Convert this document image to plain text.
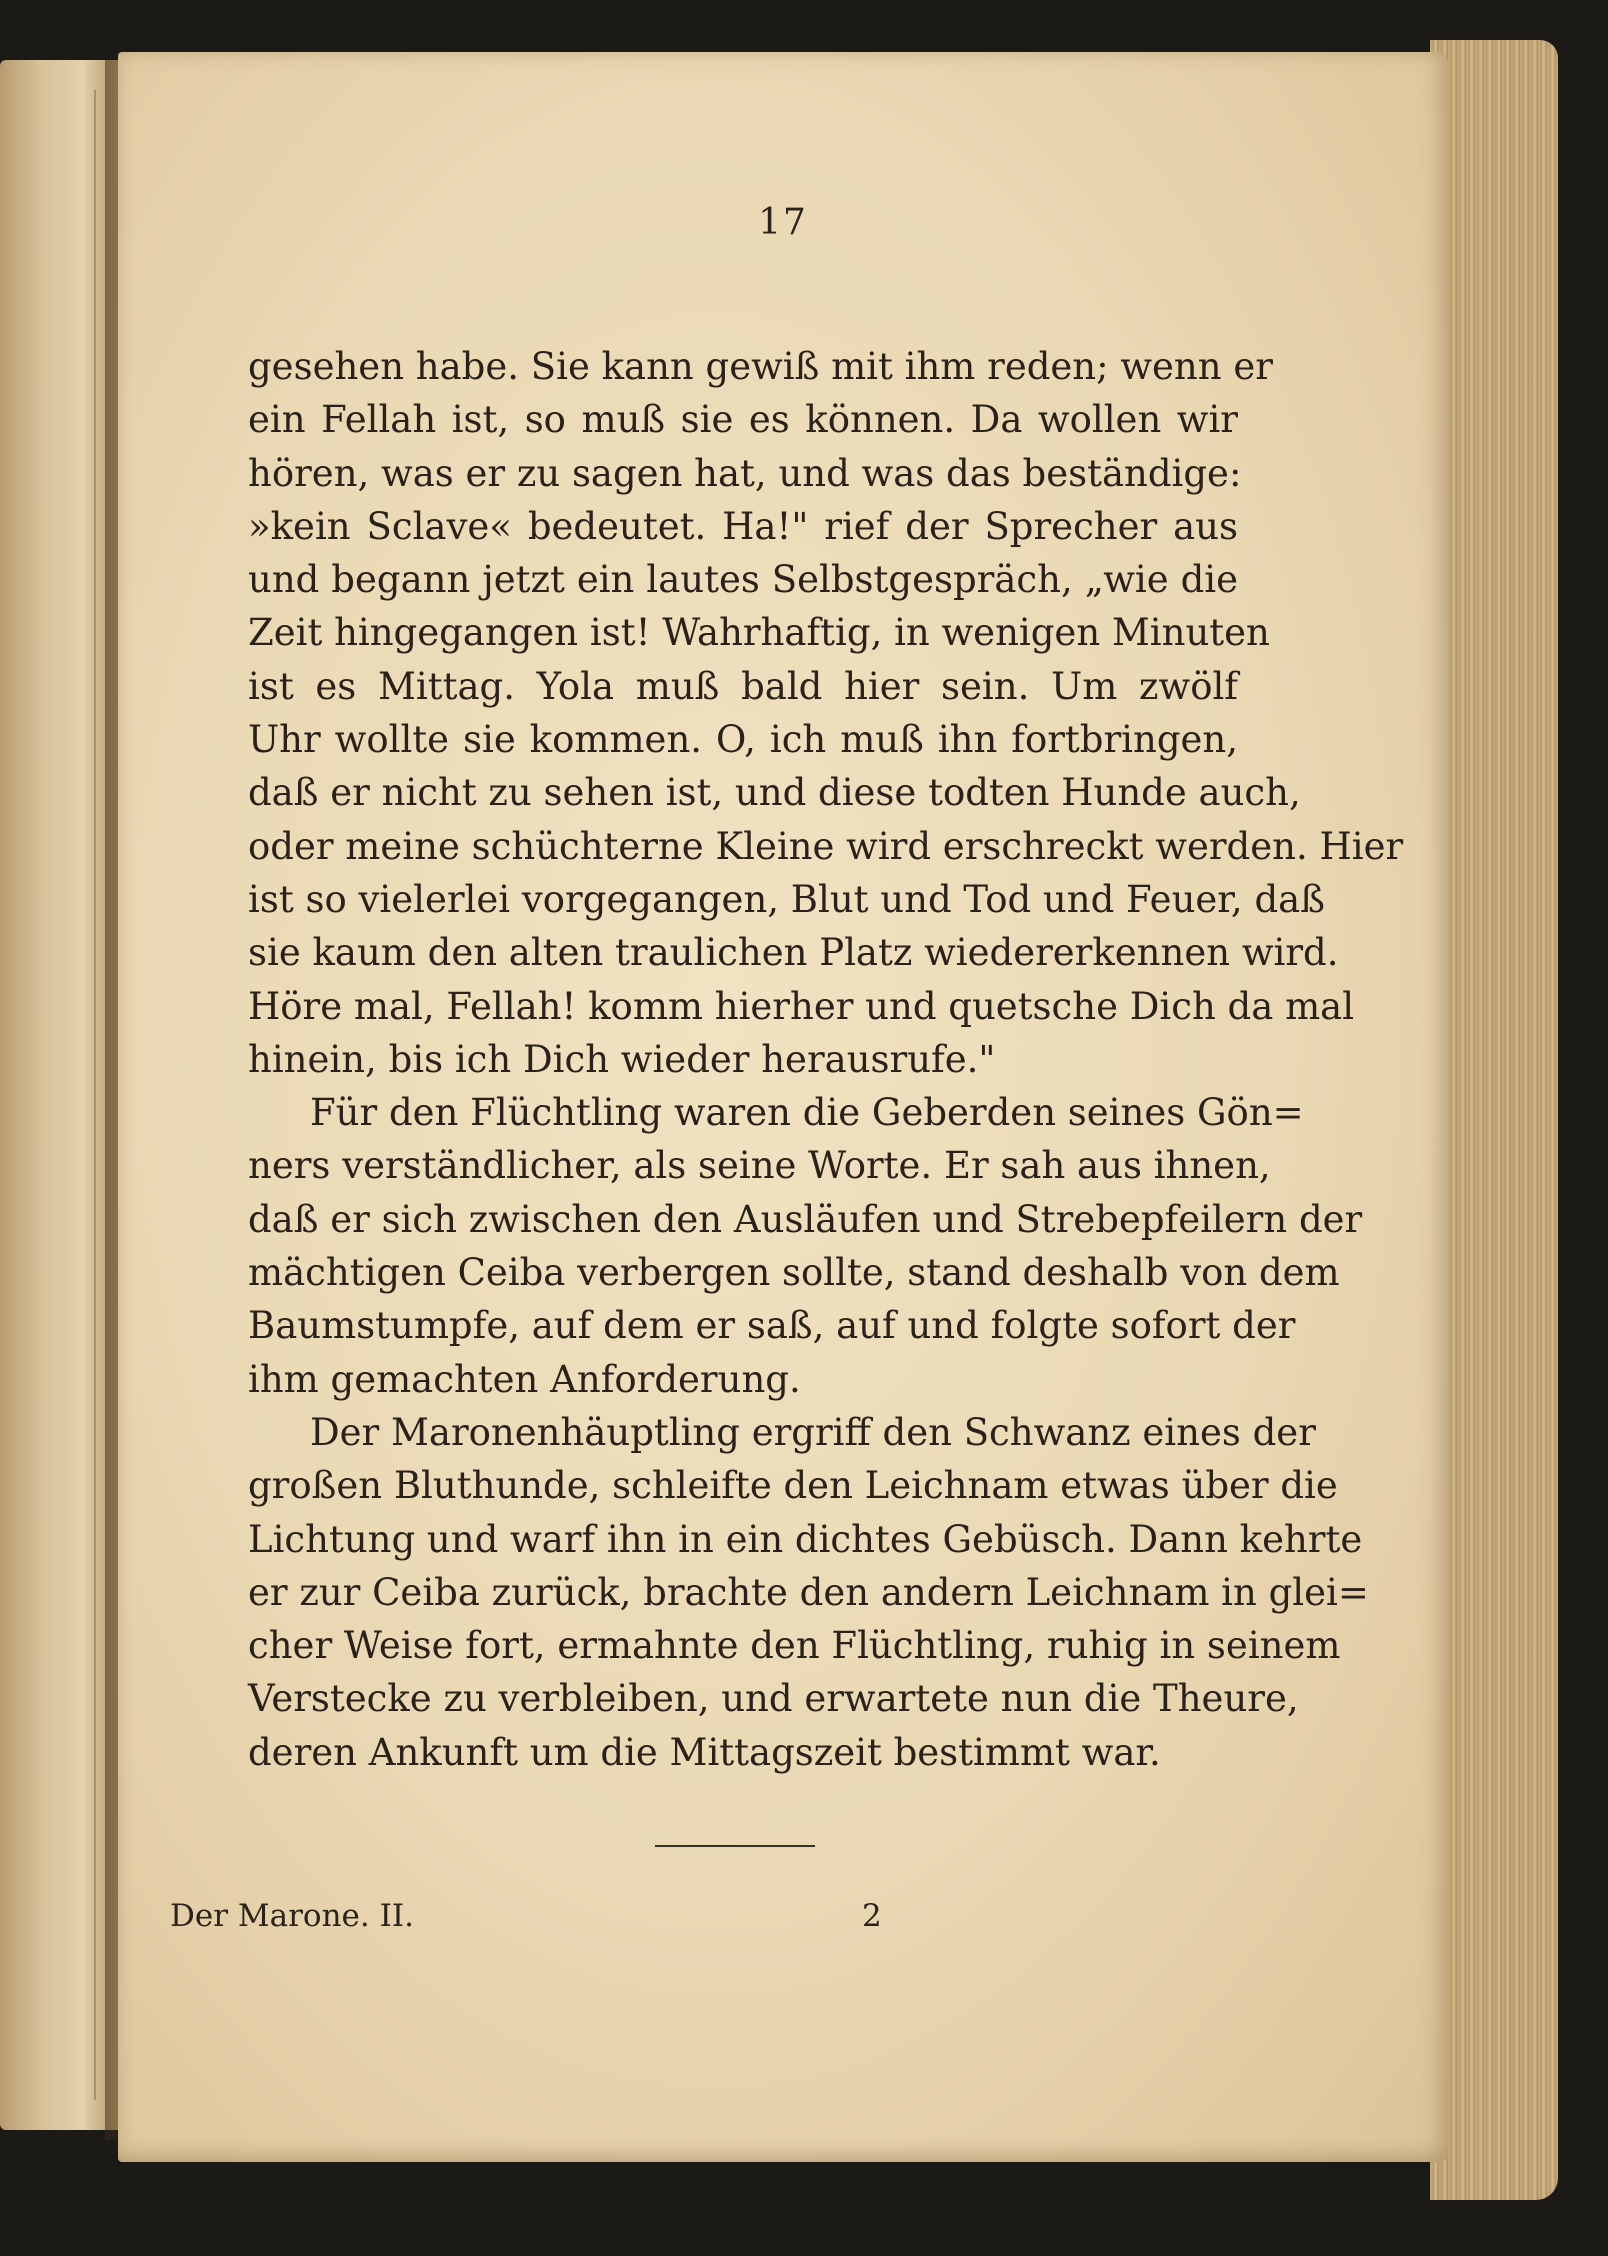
17
gesehen habe. Sie kann gewiß mit ihm reden; wenn er
ein Fellah ist, so muß sie es können. Da wollen wir
hören, was er zu sagen hat, und was das beständige:
»kein Sclave« bedeutet. Ha!" rief der Sprecher aus
und begann jetzt ein lautes Selbstgespräch, „wie die
Zeit hingegangen ist! Wahrhaftig, in wenigen Minuten
ist es Mittag. Yola muß bald hier sein. Um zwölf
Uhr wollte sie kommen. O, ich muß ihn fortbringen,
daß er nicht zu sehen ist, und diese todten Hunde auch,
oder meine schüchterne Kleine wird erschreckt werden. Hier
ist so vielerlei vorgegangen, Blut und Tod und Feuer, daß
sie kaum den alten traulichen Platz wiedererkennen wird.
Höre mal, Fellah! komm hierher und quetsche Dich da mal
hinein, bis ich Dich wieder herausrufe."
Für den Flüchtling waren die Geberden seines Gön=
ners verständlicher, als seine Worte. Er sah aus ihnen,
daß er sich zwischen den Ausläufen und Strebepfeilern der
mächtigen Ceiba verbergen sollte, stand deshalb von dem
Baumstumpfe, auf dem er saß, auf und folgte sofort der
ihm gemachten Anforderung.
Der Maronenhäuptling ergriff den Schwanz eines der
großen Bluthunde, schleifte den Leichnam etwas über die
Lichtung und warf ihn in ein dichtes Gebüsch. Dann kehrte
er zur Ceiba zurück, brachte den andern Leichnam in glei=
cher Weise fort, ermahnte den Flüchtling, ruhig in seinem
Verstecke zu verbleiben, und erwartete nun die Theure,
deren Ankunft um die Mittagszeit bestimmt war.
Der Marone. II.	2
